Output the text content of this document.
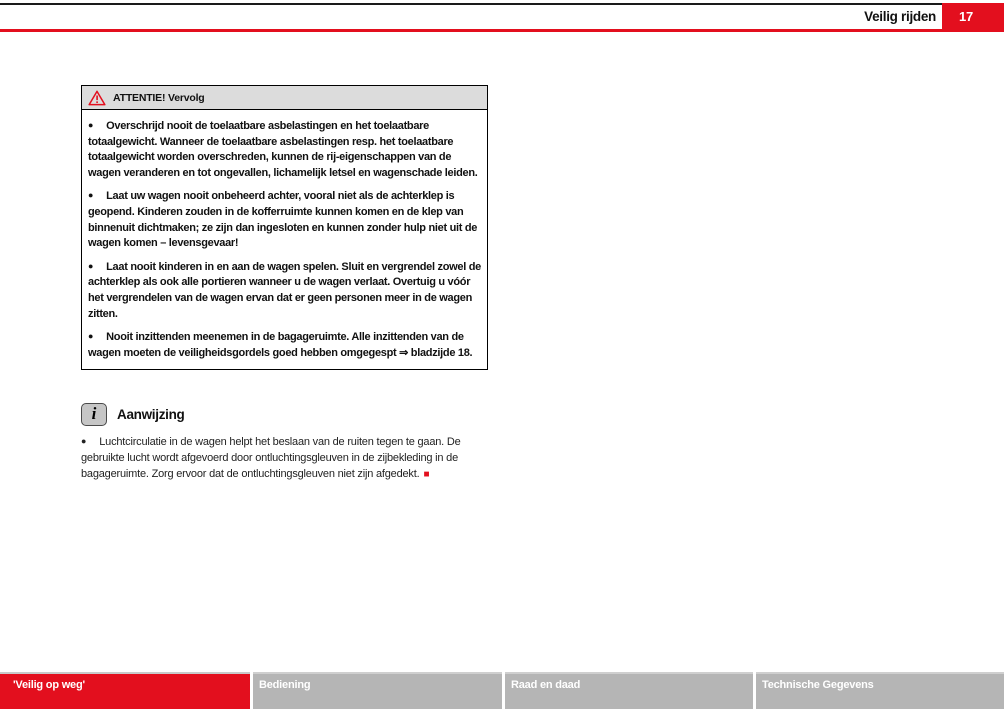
17
Veilig rijden
ATTENTIE! Vervolg

● Overschrijd nooit de toelaatbare asbelastingen en het toelaatbare totaalgewicht. Wanneer de toelaatbare asbelastingen resp. het toelaatbare totaalgewicht worden overschreden, kunnen de rij-eigenschappen van de wagen veranderen en tot ongevallen, lichamelijk letsel en wagenschade leiden.

● Laat uw wagen nooit onbeheerd achter, vooral niet als de achterklep is geopend. Kinderen zouden in de kofferruimte kunnen komen en de klep van binnenuit dichtmaken; ze zijn dan ingesloten en kunnen zonder hulp niet uit de wagen komen – levensgevaar!

● Laat nooit kinderen in en aan de wagen spelen. Sluit en vergrendel zowel de achterklep als ook alle portieren wanneer u de wagen verlaat. Overtuig u vóór het vergrendelen van de wagen ervan dat er geen personen meer in de wagen zitten.

● Nooit inzittenden meenemen in de bagageruimte. Alle inzittenden van de wagen moeten de veiligheidsgordels goed hebben omgegespt ⇒ bladzijde 18.

i Aanwijzing

● Luchtcirculatie in de wagen helpt het beslaan van de ruiten tegen te gaan. De gebruikte lucht wordt afgevoerd door ontluchtingsgleuven in de zijbekleding in de bagageruimte. Zorg ervoor dat de ontluchtingsgleuven niet zijn afgedekt. ■

'Veilig op weg'	Bediening	Raad en daad	Technische Gegevens
